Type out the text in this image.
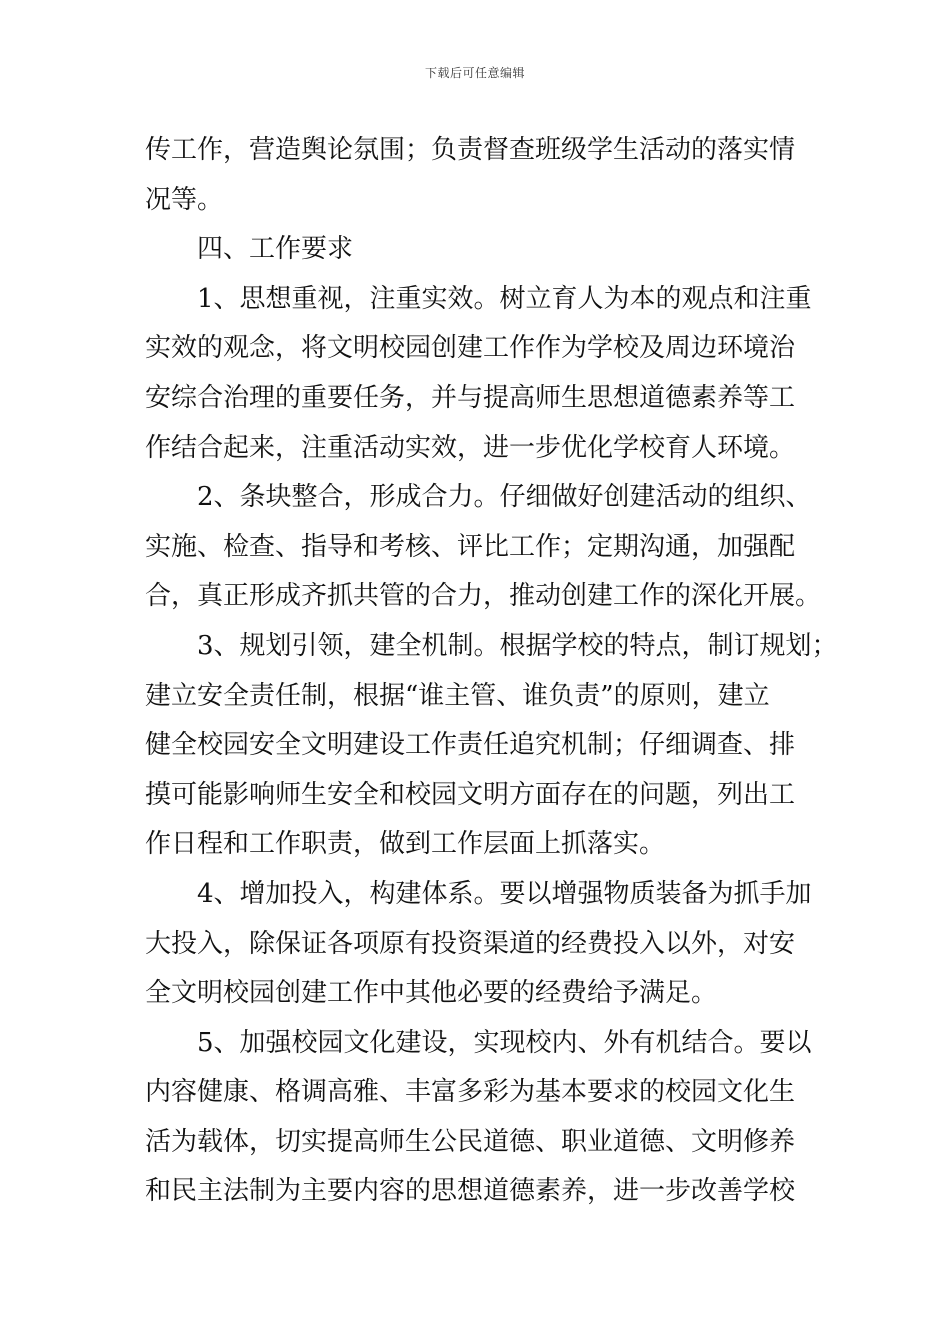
下载后可任意编辑
传工作，营造舆论氛围；负责督查班级学生活动的落实情
况等。
四、工作要求
1、思想重视，注重实效。树立育人为本的观点和注重
实效的观念，将文明校园创建工作作为学校及周边环境治
安综合治理的重要任务，并与提高师生思想道德素养等工
作结合起来，注重活动实效，进一步优化学校育人环境。
2、条块整合，形成合力。仔细做好创建活动的组织、
实施、检查、指导和考核、评比工作；定期沟通，加强配
合，真正形成齐抓共管的合力，推动创建工作的深化开展。
3、规划引领，建全机制。根据学校的特点，制订规划；
建立安全责任制，根据“谁主管、谁负责”的原则，建立
健全校园安全文明建设工作责任追究机制；仔细调查、排
摸可能影响师生安全和校园文明方面存在的问题，列出工
作日程和工作职责，做到工作层面上抓落实。
4、增加投入，构建体系。要以增强物质装备为抓手加
大投入，除保证各项原有投资渠道的经费投入以外，对安
全文明校园创建工作中其他必要的经费给予满足。
5、加强校园文化建设，实现校内、外有机结合。要以
内容健康、格调高雅、丰富多彩为基本要求的校园文化生
活为载体，切实提高师生公民道德、职业道德、文明修养
和民主法制为主要内容的思想道德素养，进一步改善学校
